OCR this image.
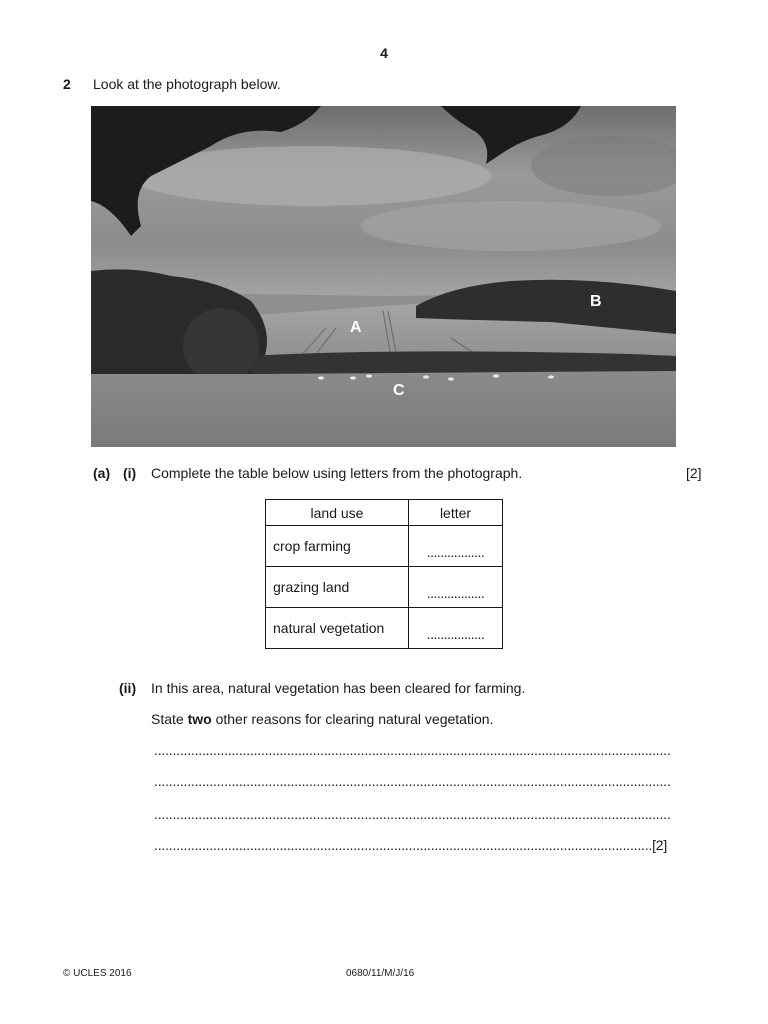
4
2 Look at the photograph below.
A
B
C
(a) (i) Complete the table below using letters from the photograph.	[2]
land use	letter
crop farming	.................
grazing land	.................
natural vegetation	.................
(ii) In this area, natural vegetation has been cleared for farming.
State two other reasons for clearing natural vegetation.
............................................................................................................................................
............................................................................................................................................
............................................................................................................................................
.......................................................................................................................................[2]
© UCLES 2016	0680/11/M/J/16
